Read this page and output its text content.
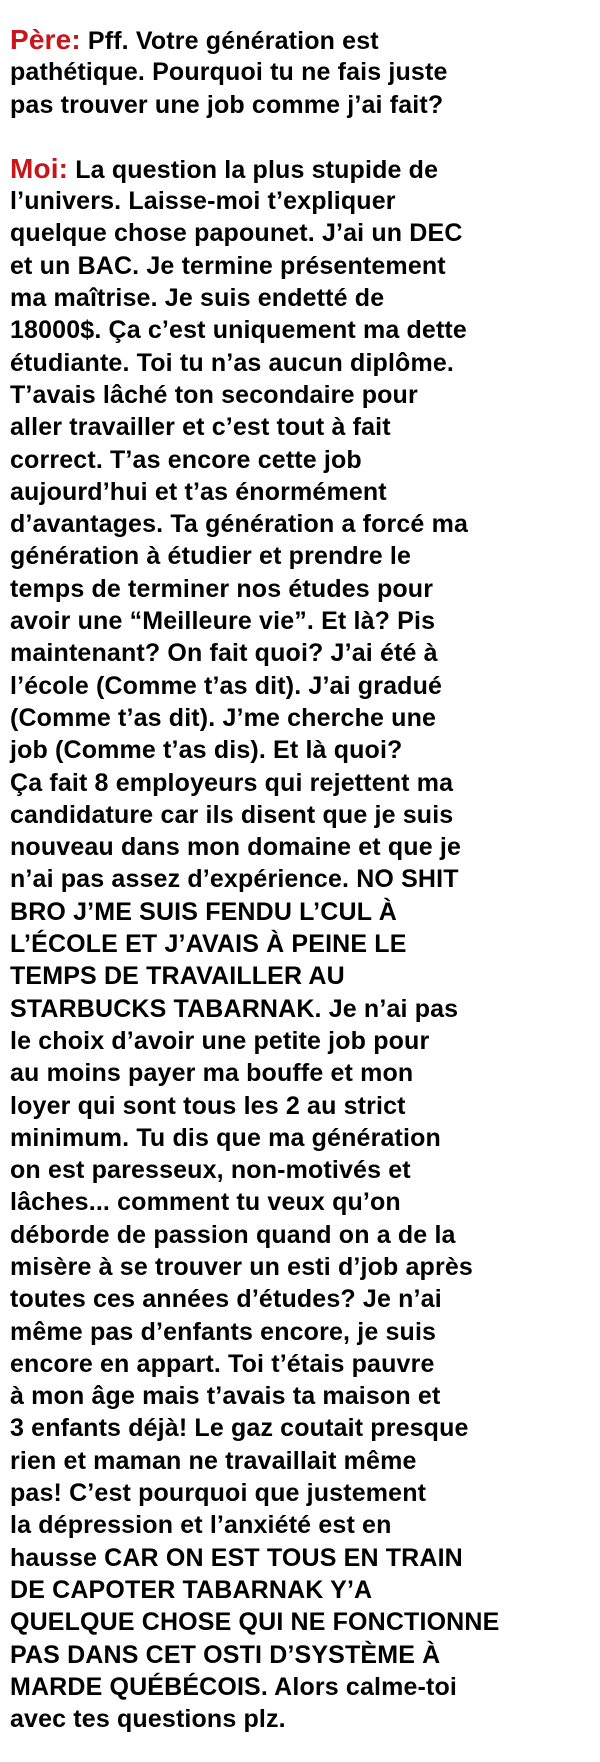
Père: Pff. Votre génération est
pathétique. Pourquoi tu ne fais juste
pas trouver une job comme j’ai fait?
Moi: La question la plus stupide de
l’univers. Laisse-moi t’expliquer
quelque chose papounet. J’ai un DEC
et un BAC. Je termine présentement
ma maîtrise. Je suis endetté de
18000$. Ça c’est uniquement ma dette
étudiante. Toi tu n’as aucun diplôme.
T’avais lâché ton secondaire pour
aller travailler et c’est tout à fait
correct. T’as encore cette job
aujourd’hui et t’as énormément
d’avantages. Ta génération a forcé ma
génération à étudier et prendre le
temps de terminer nos études pour
avoir une “Meilleure vie”. Et là? Pis
maintenant? On fait quoi? J’ai été à
l’école (Comme t’as dit). J’ai gradué
(Comme t’as dit). J’me cherche une
job (Comme t’as dis). Et là quoi?
Ça fait 8 employeurs qui rejettent ma
candidature car ils disent que je suis
nouveau dans mon domaine et que je
n’ai pas assez d’expérience. NO SHIT
BRO J’ME SUIS FENDU L’CUL À
L’ÉCOLE ET J’AVAIS À PEINE LE
TEMPS DE TRAVAILLER AU
STARBUCKS TABARNAK. Je n’ai pas
le choix d’avoir une petite job pour
au moins payer ma bouffe et mon
loyer qui sont tous les 2 au strict
minimum. Tu dis que ma génération
on est paresseux, non-motivés et
lâches... comment tu veux qu’on
déborde de passion quand on a de la
misère à se trouver un esti d’job après
toutes ces années d’études? Je n’ai
même pas d’enfants encore, je suis
encore en appart. Toi t’étais pauvre
à mon âge mais t’avais ta maison et
3 enfants déjà! Le gaz coutait presque
rien et maman ne travaillait même
pas! C’est pourquoi que justement
la dépression et l’anxiété est en
hausse CAR ON EST TOUS EN TRAIN
DE CAPOTER TABARNAK Y’A
QUELQUE CHOSE QUI NE FONCTIONNE
PAS DANS CET OSTI D’SYSTÈME À
MARDE QUÉBÉCOIS. Alors calme-toi
avec tes questions plz.
